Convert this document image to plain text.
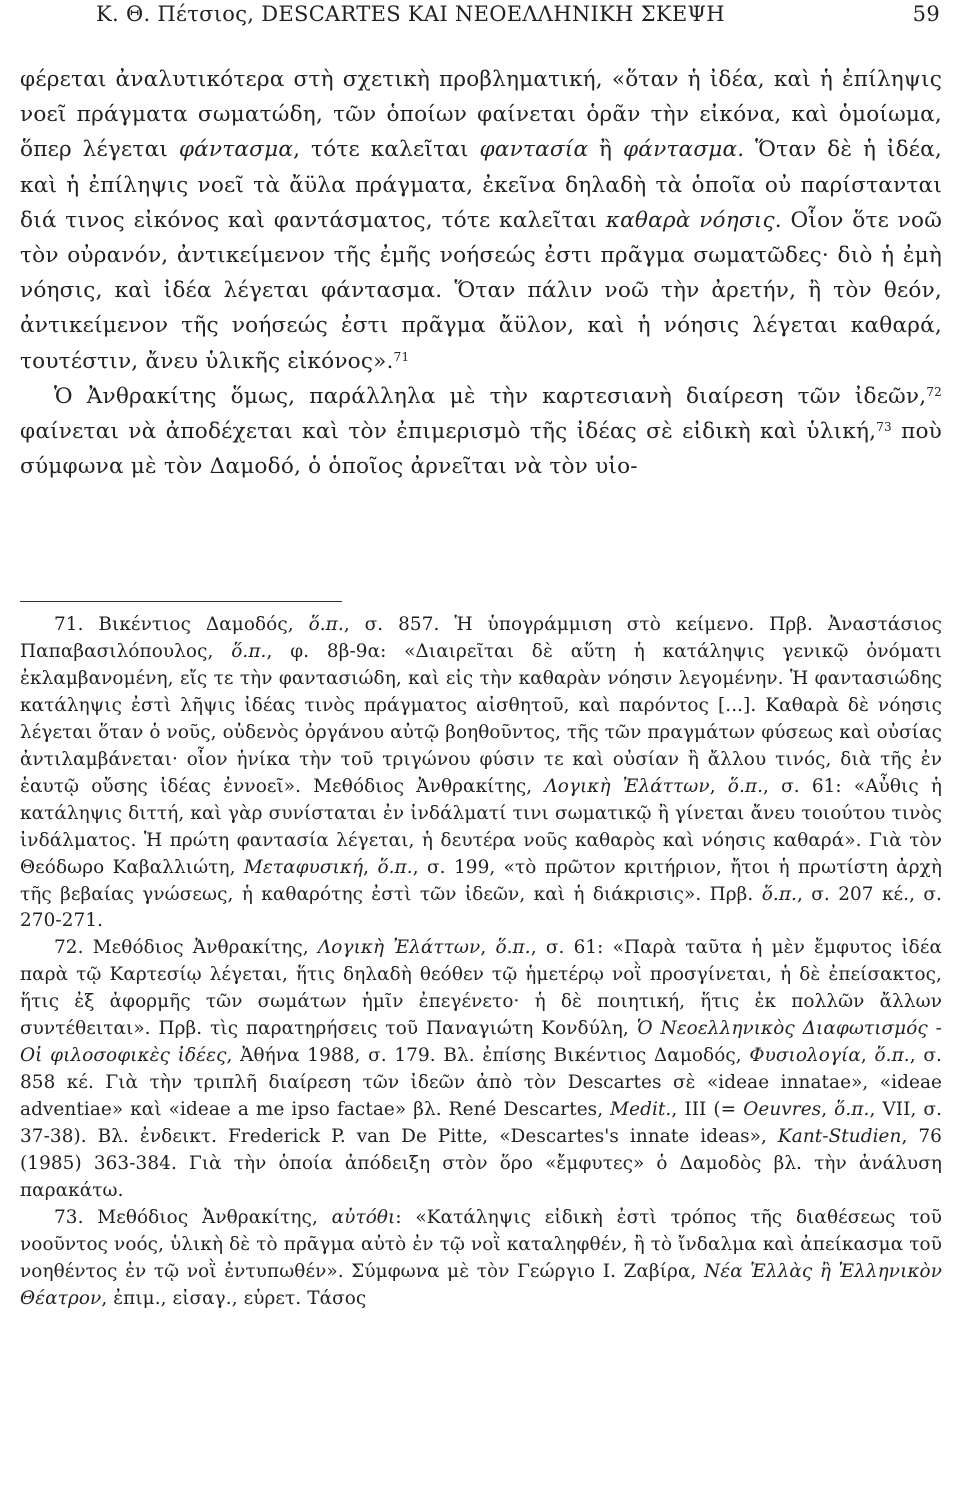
Κ. Θ. Πέτσιος, DESCARTES ΚΑΙ ΝΕΟΕΛΛΗΝΙΚΗ ΣΚΕΨΗ	59

φέρεται ἀναλυτικότερα στὴ σχετικὴ προβληματική, «ὅταν ἡ ἰδέα, καὶ ἡ ἐπίληψις νοεῖ πράγματα σωματώδη, τῶν ὁποίων φαίνεται ὁρᾶν τὴν εἰκόνα, καὶ ὁμοίωμα, ὅπερ λέγεται φάντασμα, τότε καλεῖται φαντασία ἢ φάντασμα. Ὅταν δὲ ἡ ἰδέα, καὶ ἡ ἐπίληψις νοεῖ τὰ ἄϋλα πράγματα, ἐκεῖνα δηλαδὴ τὰ ὁποῖα οὐ παρίστανται διά τινος εἰκόνος καὶ φαντάσματος, τότε καλεῖται καθαρὰ νόησις. Οἷον ὅτε νοῶ τὸν οὐρανόν, ἀντικείμενον τῆς ἐμῆς νοήσεώς ἐστι πρᾶγμα σωματῶδες· διὸ ἡ ἐμὴ νόησις, καὶ ἰδέα λέγεται φάντασμα. Ὅταν πάλιν νοῶ τὴν ἀρετήν, ἢ τὸν θεόν, ἀντικείμενον τῆς νοήσεώς ἐστι πρᾶγμα ἄϋλον, καὶ ἡ νόησις λέγεται καθαρά, τουτέστιν, ἄνευ ὑλικῆς εἰκόνος».$^{71}$

Ὁ Ἀνθρακίτης ὅμως, παράλληλα μὲ τὴν καρτεσιανὴ διαίρεση τῶν ἰδεῶν,$^{72}$ φαίνεται νὰ ἀποδέχεται καὶ τὸν ἐπιμερισμὸ τῆς ἰδέας σὲ εἰδικὴ καὶ ὑλική,$^{73}$ ποὺ σύμφωνα μὲ τὸν Δαμοδό, ὁ ὁποῖος ἀρνεῖται νὰ τὸν υἱο-

71. Βικέντιος Δαμοδός, ὅ.π., σ. 857. Ἡ ὑπογράμμιση στὸ κείμενο. Πρβ. Ἀναστάσιος Παπαβασιλόπουλος, ὅ.π., φ. 8β-9α: «Διαιρεῖται δὲ αὕτη ἡ κατάληψις γενικῷ ὀνόματι ἐκλαμβανομένη, εἴς τε τὴν φαντασιώδη, καὶ εἰς τὴν καθαρὰν νόησιν λεγομένην. Ἡ φαντασιώδης κατάληψις ἐστὶ λῆψις ἰδέας τινὸς πράγματος αἰσθητοῦ, καὶ παρόντος [...]. Καθαρὰ δὲ νόησις λέγεται ὅταν ὁ νοῦς, οὐδενὸς ὀργάνου αὐτῷ βοηθοῦντος, τῆς τῶν πραγμάτων φύσεως καὶ οὐσίας ἀντιλαμβάνεται· οἷον ἡνίκα τὴν τοῦ τριγώνου φύσιν τε καὶ οὐσίαν ἢ ἄλλου τινός, διὰ τῆς ἐν ἑαυτῷ οὔσης ἰδέας ἐννοεῖ». Μεθόδιος Ἀνθρακίτης, Λογικὴ Ἐλάττων, ὅ.π., σ. 61: «Αὖθις ἡ κατάληψις διττή, καὶ γὰρ συνίσταται ἐν ἰνδάλματί τινι σωματικῷ ἢ γίνεται ἄνευ τοιούτου τινὸς ἰνδάλματος. Ἡ πρώτη φαντασία λέγεται, ἡ δευτέρα νοῦς καθαρὸς καὶ νόησις καθαρά». Γιὰ τὸν Θεόδωρο Καβαλλιώτη, Μεταφυσική, ὅ.π., σ. 199, «τὸ πρῶτον κριτήριον, ἤτοι ἡ πρωτίστη ἀρχὴ τῆς βεβαίας γνώσεως, ἡ καθαρότης ἐστὶ τῶν ἰδεῶν, καὶ ἡ διάκρισις». Πρβ. ὅ.π., σ. 207 κέ., σ. 270-271.

72. Μεθόδιος Ἀνθρακίτης, Λογικὴ Ἐλάττων, ὅ.π., σ. 61: «Παρὰ ταῦτα ἡ μὲν ἔμφυτος ἰδέα παρὰ τῷ Καρτεσίῳ λέγεται, ἥτις δηλαδὴ θεόθεν τῷ ἡμετέρῳ νοῒ προσγίνεται, ἡ δὲ ἐπείσακτος, ἥτις ἐξ ἀφορμῆς τῶν σωμάτων ἡμῖν ἐπεγένετο· ἡ δὲ ποιητική, ἥτις ἐκ πολλῶν ἄλλων συντέθειται». Πρβ. τὶς παρατηρήσεις τοῦ Παναγιώτη Κονδύλη, Ὁ Νεοελληνικὸς Διαφωτισμός - Οἱ φιλοσοφικὲς ἰδέες, Ἀθήνα 1988, σ. 179. Βλ. ἐπίσης Βικέντιος Δαμοδός, Φυσιολογία, ὅ.π., σ. 858 κέ. Γιὰ τὴν τριπλῆ διαίρεση τῶν ἰδεῶν ἀπὸ τὸν Descartes σὲ «ideae innatae», «ideae adventiae» καὶ «ideae a me ipso factae» βλ. René Descartes, Medit., III (= Oeuvres, ὅ.π., VII, σ. 37-38). Βλ. ἐνδεικτ. Frederick P. van De Pitte, «Descartes's innate ideas», Kant-Studien, 76 (1985) 363-384. Γιὰ τὴν ὁποία ἀπόδειξη στὸν ὅρο «ἔμφυτες» ὁ Δαμοδὸς βλ. τὴν ἀνάλυση παρακάτω.

73. Μεθόδιος Ἀνθρακίτης, αὐτόθι: «Κατάληψις εἰδικὴ ἐστὶ τρόπος τῆς διαθέσεως τοῦ νοοῦντος νοός, ὑλικὴ δὲ τὸ πρᾶγμα αὐτὸ ἐν τῷ νοῒ καταληφθέν, ἢ τὸ ἴνδαλμα καὶ ἀπείκασμα τοῦ νοηθέντος ἐν τῷ νοῒ ἐντυπωθέν». Σύμφωνα μὲ τὸν Γεώργιο Ι. Ζαβίρα, Νέα Ἑλλὰς ἢ Ἑλληνικὸν Θέατρον, ἐπιμ., εἰσαγ., εὑρετ. Τάσος
